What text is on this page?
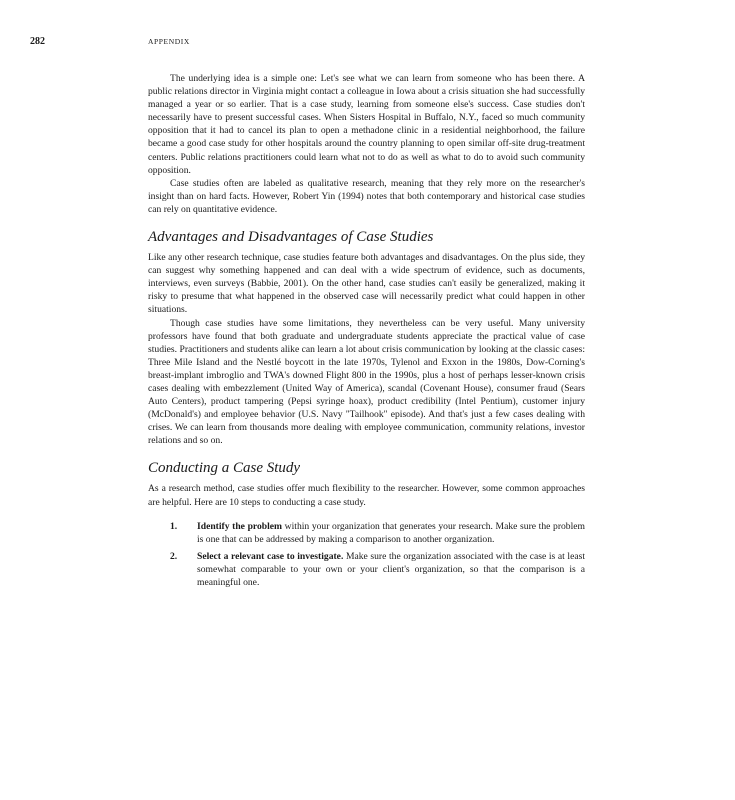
282	APPENDIX

The underlying idea is a simple one: Let's see what we can learn from someone who has been there. A public relations director in Virginia might contact a colleague in Iowa about a crisis situation she had successfully managed a year or so earlier. That is a case study, learning from someone else's success. Case studies don't necessarily have to present successful cases. When Sisters Hospital in Buffalo, N.Y., faced so much community opposition that it had to cancel its plan to open a methadone clinic in a residential neighborhood, the failure became a good case study for other hospitals around the country planning to open similar off-site drug-treatment centers. Public relations practitioners could learn what not to do as well as what to do to avoid such community opposition.

Case studies often are labeled as qualitative research, meaning that they rely more on the researcher's insight than on hard facts. However, Robert Yin (1994) notes that both contemporary and historical case studies can rely on quantitative evidence.

Advantages and Disadvantages of Case Studies

Like any other research technique, case studies feature both advantages and disadvantages. On the plus side, they can suggest why something happened and can deal with a wide spectrum of evidence, such as documents, interviews, even surveys (Babbie, 2001). On the other hand, case studies can't easily be generalized, making it risky to presume that what happened in the observed case will necessarily predict what could happen in other situations.

Though case studies have some limitations, they nevertheless can be very useful. Many university professors have found that both graduate and undergraduate students appreciate the practical value of case studies. Practitioners and students alike can learn a lot about crisis communication by looking at the classic cases: Three Mile Island and the Nestlé boycott in the late 1970s, Tylenol and Exxon in the 1980s, Dow-Corning's breast-implant imbroglio and TWA's downed Flight 800 in the 1990s, plus a host of perhaps lesser-known crisis cases dealing with embezzlement (United Way of America), scandal (Covenant House), consumer fraud (Sears Auto Centers), product tampering (Pepsi syringe hoax), product credibility (Intel Pentium), customer injury (McDonald's) and employee behavior (U.S. Navy "Tailhook" episode). And that's just a few cases dealing with crises. We can learn from thousands more dealing with employee communication, community relations, investor relations and so on.

Conducting a Case Study

As a research method, case studies offer much flexibility to the researcher. However, some common approaches are helpful. Here are 10 steps to conducting a case study.

1.	Identify the problem within your organization that generates your research. Make sure the problem is one that can be addressed by making a comparison to another organization.
2.	Select a relevant case to investigate. Make sure the organization associated with the case is at least somewhat comparable to your own or your client's organization, so that the comparison is a meaningful one.
